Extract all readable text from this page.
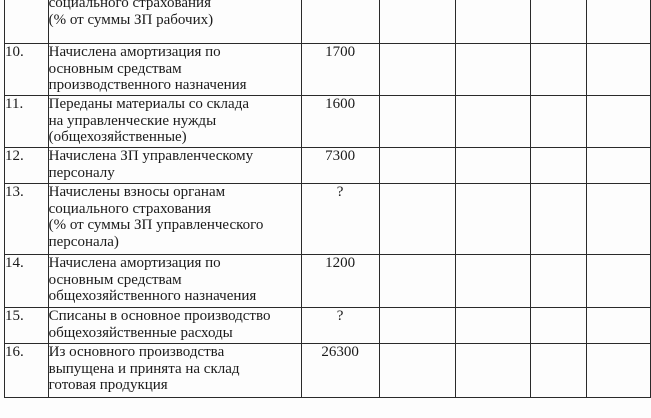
	социального страхования
(% от суммы ЗП рабочих)					

10.	Начислена амортизация по
основным средствам
производственного назначения	1700				
11.	Переданы материалы со склада
на управленческие нужды
(общехозяйственные)	1600				
12.	Начислена ЗП управленческому
персоналу	7300				
13.	Начислены взносы органам
социального страхования
(% от суммы ЗП управленческого
персонала)	?				
14.	Начислена амортизация по
основным средствам
общехозяйственного назначения	1200				
15.	Списаны в основное производство
общехозяйственные расходы	?				
16.	Из основного производства
выпущена и принята на склад
готовая продукция	26300				
